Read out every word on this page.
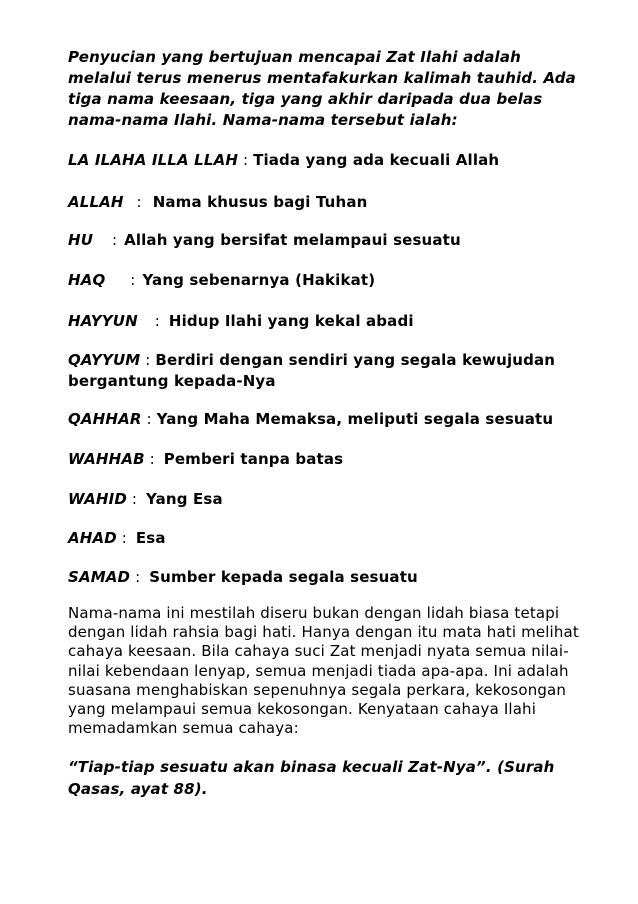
Penyucian yang bertujuan mencapai Zat Ilahi adalah melalui terus menerus mentafakurkan kalimah tauhid. Ada tiga nama keesaan, tiga yang akhir daripada dua belas nama-nama Ilahi. Nama-nama tersebut ialah:

LA ILAHA ILLA LLAH : Tiada yang ada kecuali Allah

ALLAH : Nama khusus bagi Tuhan

HU : Allah yang bersifat melampaui sesuatu

HAQ : Yang sebenarnya (Hakikat)

HAYYUN : Hidup Ilahi yang kekal abadi

QAYYUM : Berdiri dengan sendiri yang segala kewujudan bergantung kepada-Nya

QAHHAR : Yang Maha Memaksa, meliputi segala sesuatu

WAHHAB : Pemberi tanpa batas

WAHID : Yang Esa

AHAD : Esa

SAMAD : Sumber kepada segala sesuatu

Nama-nama ini mestilah diseru bukan dengan lidah biasa tetapi dengan lidah rahsia bagi hati. Hanya dengan itu mata hati melihat cahaya keesaan. Bila cahaya suci Zat menjadi nyata semua nilai-nilai kebendaan lenyap, semua menjadi tiada apa-apa. Ini adalah suasana menghabiskan sepenuhnya segala perkara, kekosongan yang melampaui semua kekosongan. Kenyataan cahaya Ilahi memadamkan semua cahaya:

“Tiap-tiap sesuatu akan binasa kecuali Zat-Nya”. (Surah Qasas, ayat 88).
